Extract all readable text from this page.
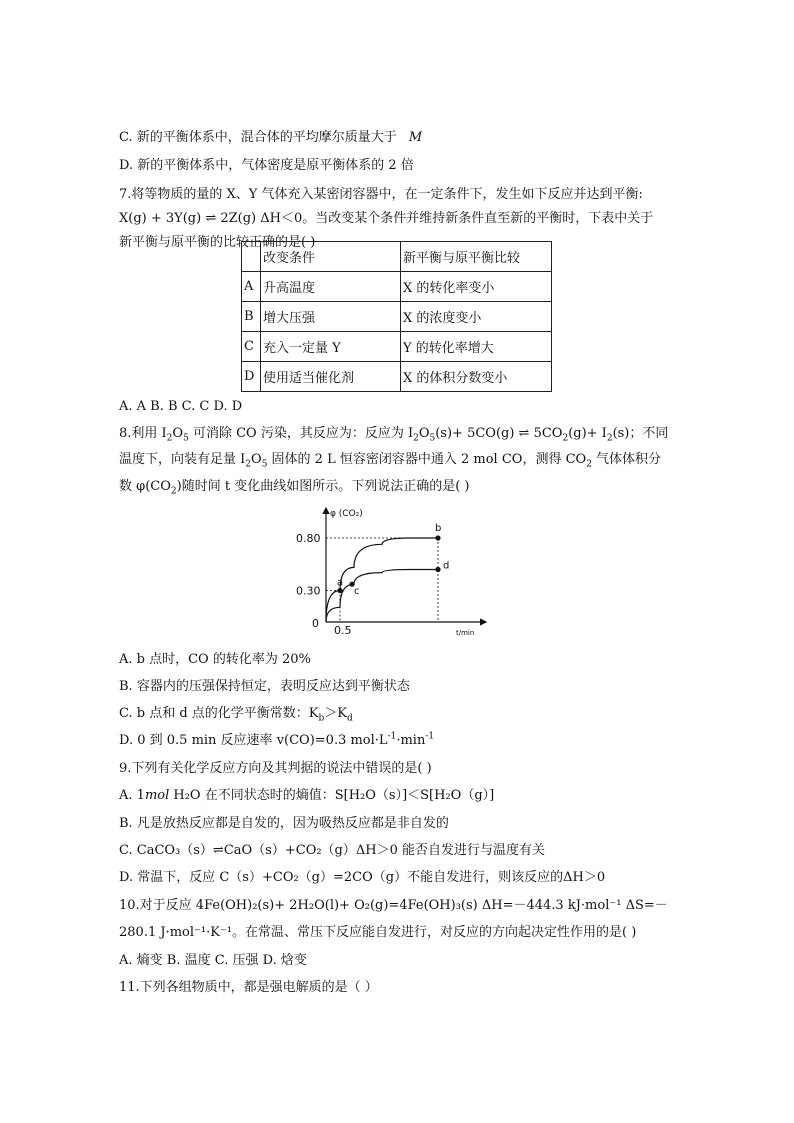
C. 新的平衡体系中，混合体的平均摩尔质量大于 M
D. 新的平衡体系中，气体密度是原平衡体系的 2 倍
7.将等物质的量的 X、Y 气体充入某密闭容器中，在一定条件下，发生如下反应并达到平衡:
X(g) + 3Y(g) ⇌ 2Z(g) ΔH＜0。当改变某个条件并维持新条件直至新的平衡时，下表中关于
新平衡与原平衡的比较正确的是( )
	改变条件	新平衡与原平衡比较
A	升高温度	X 的转化率变小
B	增大压强	X 的浓度变小
C	充入一定量 Y	Y 的转化率增大
D	使用适当催化剂	X 的体积分数变小
A. A B. B C. C D. D
8.利用 $I_2O_5$ 可消除 CO 污染，其反应为：反应为 $I_2O_5(s)+ 5CO(g)$ ⇌ $5CO_2(g)+ I_2(s)$；不同
温度下，向装有足量 $I_2O_5$ 固体的 2 L 恒容密闭容器中通入 2 mol CO，测得 $CO_2$ 气体体积分
数 $\varphi(CO_2)$随时间 t 变化曲线如图所示。下列说法正确的是( )
φ (CO₂)
t/min
0
0.80
0.30
0.5
a
c
b
d
A. b 点时，CO 的转化率为 20%
B. 容器内的压强保持恒定，表明反应达到平衡状态
C. b 点和 d 点的化学平衡常数：$K_b>K_d$
D. 0 到 0.5 min 反应速率 v(CO)=0.3 $mol\cdot L^{-1}\cdot\min^{-1}$
9.下列有关化学反应方向及其判据的说法中错误的是( )
A. 1mol H₂O 在不同状态时的熵值：S[H₂O（s）]＜S[H₂O（g）]
B. 凡是放热反应都是自发的，因为吸热反应都是非自发的
C. CaCO₃（s）⇌CaO（s）+CO₂（g）ΔH＞0 能否自发进行与温度有关
D. 常温下，反应 C（s）+CO₂（g）=2CO（g）不能自发进行，则该反应的ΔH＞0
10.对于反应 4Fe(OH)₂(s)+ 2H₂O(l)+ O₂(g)=4Fe(OH)₃(s) ΔH=－444.3 kJ·mol⁻¹ ΔS=－
280.1 J·mol⁻¹·K⁻¹。在常温、常压下反应能自发进行，对反应的方向起决定性作用的是( )
A. 熵变 B. 温度 C. 压强 D. 焓变
11.下列各组物质中，都是强电解质的是（ ）
